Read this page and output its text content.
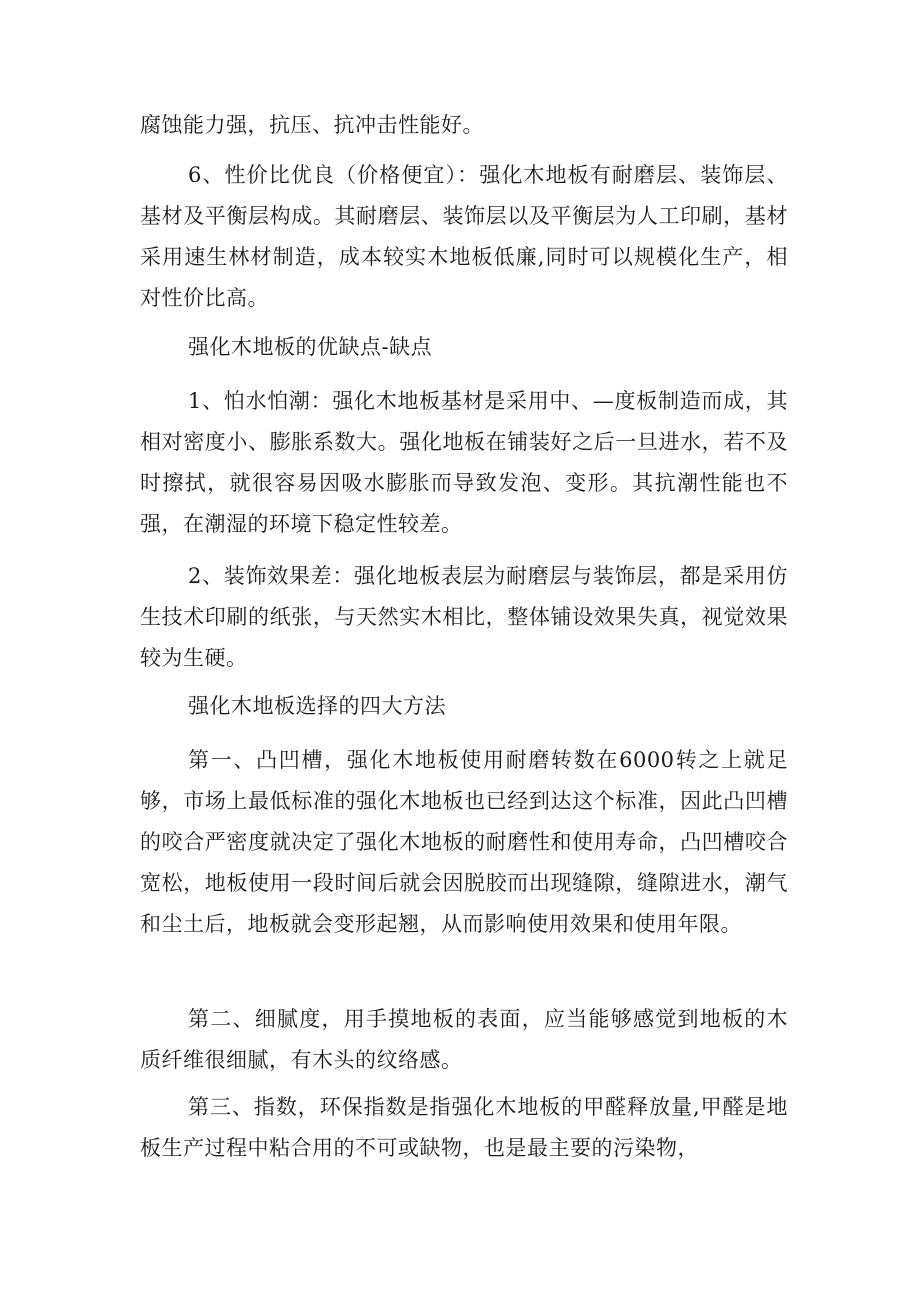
腐蚀能力强，抗压、抗冲击性能好。

6、性价比优良（价格便宜）：强化木地板有耐磨层、装饰层、基材及平衡层构成。其耐磨层、装饰层以及平衡层为人工印刷，基材采用速生林材制造，成本较实木地板低廉,同时可以规模化生产，相对性价比高。

强化木地板的优缺点-缺点

1、怕水怕潮：强化木地板基材是采用中、—度板制造而成，其相对密度小、膨胀系数大。强化地板在铺装好之后一旦进水，若不及时擦拭，就很容易因吸水膨胀而导致发泡、变形。其抗潮性能也不强，在潮湿的环境下稳定性较差。

2、装饰效果差：强化地板表层为耐磨层与装饰层，都是采用仿生技术印刷的纸张，与天然实木相比，整体铺设效果失真，视觉效果较为生硬。

强化木地板选择的四大方法

第一、凸凹槽，强化木地板使用耐磨转数在6000转之上就足够，市场上最低标准的强化木地板也已经到达这个标准，因此凸凹槽的咬合严密度就决定了强化木地板的耐磨性和使用寿命，凸凹槽咬合宽松，地板使用一段时间后就会因脱胶而出现缝隙，缝隙进水，潮气和尘土后，地板就会变形起翘，从而影响使用效果和使用年限。

第二、细腻度，用手摸地板的表面，应当能够感觉到地板的木质纤维很细腻，有木头的纹络感。

第三、指数，环保指数是指强化木地板的甲醛释放量,甲醛是地板生产过程中粘合用的不可或缺物，也是最主要的污染物，
